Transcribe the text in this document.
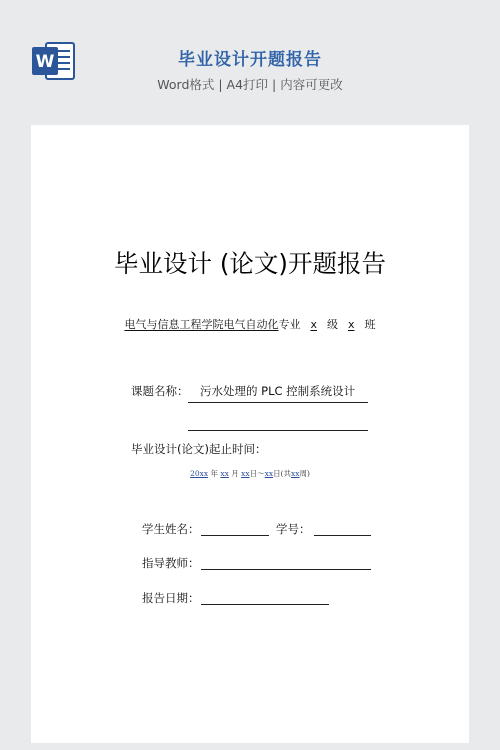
W	毕业设计开题报告
Word格式 | A4打印 | 内容可更改
毕业设计 (论文)开题报告
电气与信息工程学院电气自动化专业 x 级 x 班
课题名称： 污水处理的 PLC 控制系统设计
毕业设计(论文)起止时间：
20xx 年 xx 月 xx日〜xx日(共xx周)
学生姓名：	学号：
指导教师：
报告日期：
